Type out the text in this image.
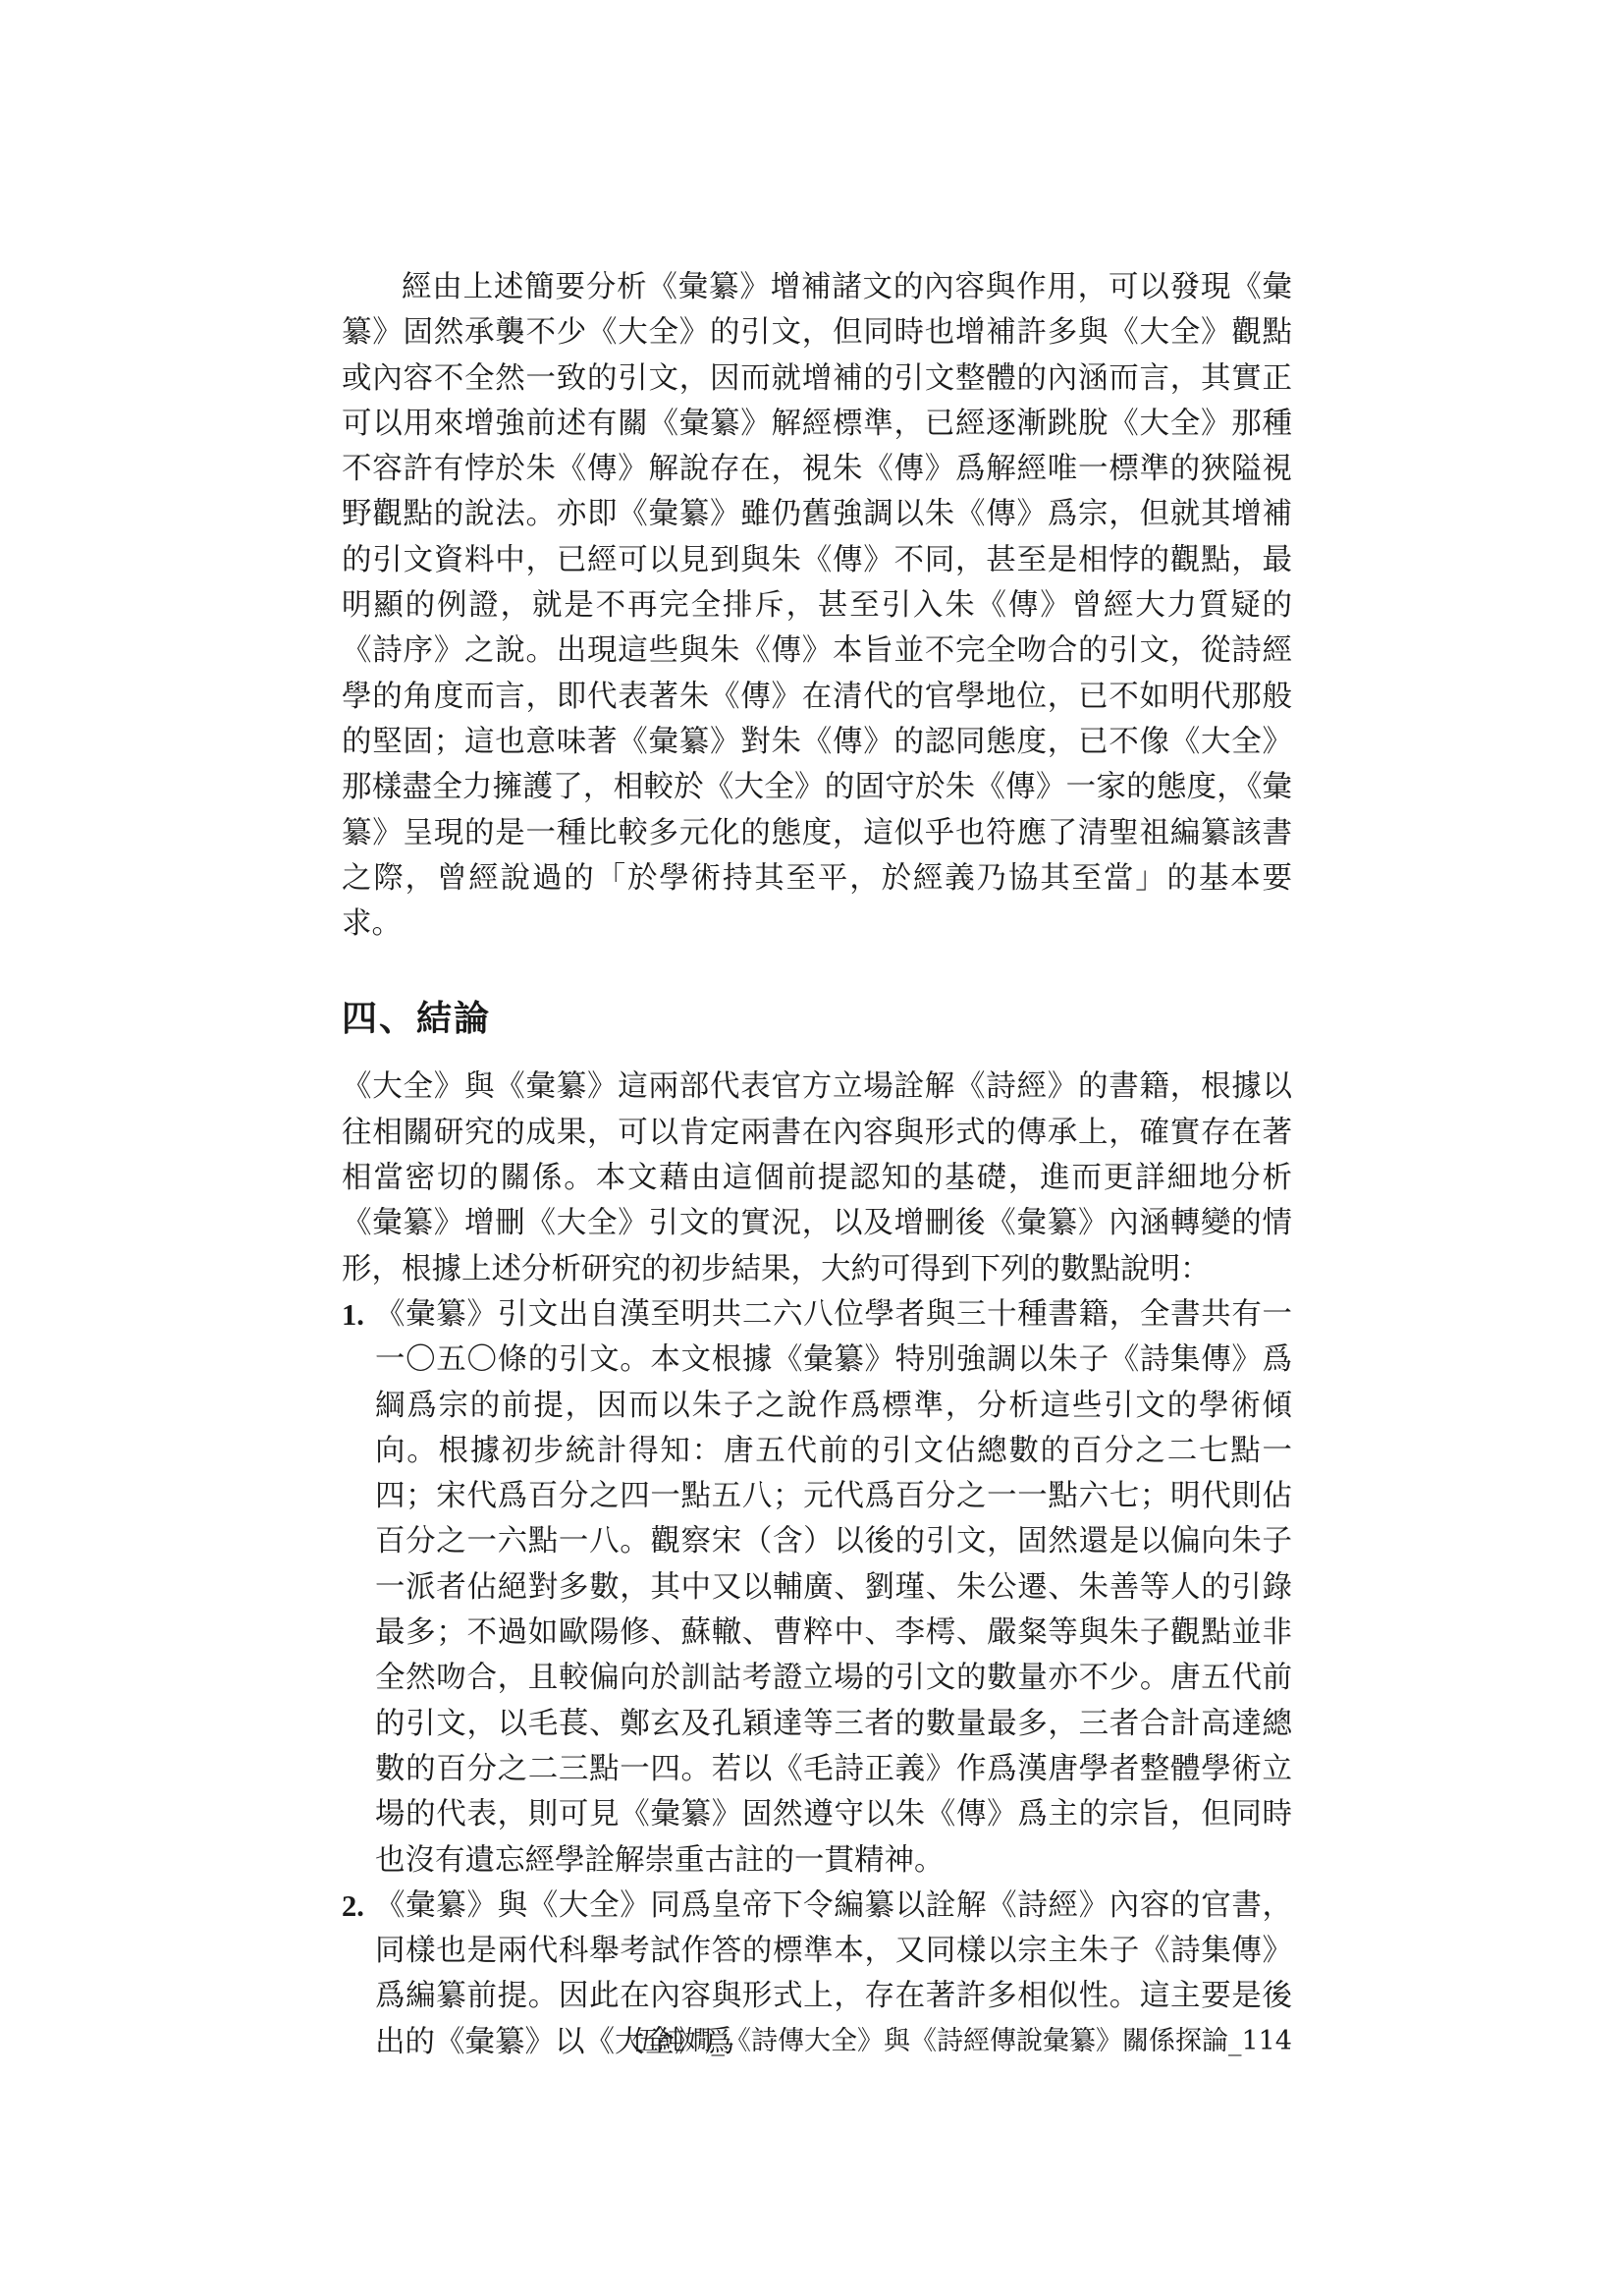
經由上述簡要分析《彙纂》增補諸文的內容與作用，可以發現《彙纂》固然承襲不少《大全》的引文，但同時也增補許多與《大全》觀點或內容不全然一致的引文，因而就增補的引文整體的內涵而言，其實正可以用來增強前述有關《彙纂》解經標準，已經逐漸跳脫《大全》那種不容許有悖於朱《傳》解說存在，視朱《傳》爲解經唯一標準的狹隘視野觀點的說法。亦即《彙纂》雖仍舊強調以朱《傳》爲宗，但就其增補的引文資料中，已經可以見到與朱《傳》不同，甚至是相悖的觀點，最明顯的例證，就是不再完全排斥，甚至引入朱《傳》曾經大力質疑的《詩序》之說。出現這些與朱《傳》本旨並不完全吻合的引文，從詩經學的角度而言，即代表著朱《傳》在清代的官學地位，已不如明代那般的堅固；這也意味著《彙纂》對朱《傳》的認同態度，已不像《大全》那樣盡全力擁護了，相較於《大全》的固守於朱《傳》一家的態度，《彙纂》呈現的是一種比較多元化的態度，這似乎也符應了清聖祖編纂該書之際，曾經說過的「於學術持其至平，於經義乃協其至當」的基本要求。

四、結論

《大全》與《彙纂》這兩部代表官方立場詮解《詩經》的書籍，根據以往相關研究的成果，可以肯定兩書在內容與形式的傳承上，確實存在著相當密切的關係。本文藉由這個前提認知的基礎，進而更詳細地分析《彙纂》增刪《大全》引文的實況，以及增刪後《彙纂》內涵轉變的情形，根據上述分析研究的初步結果，大約可得到下列的數點說明：

1. 《彙纂》引文出自漢至明共二六八位學者與三十種書籍，全書共有一一〇五〇條的引文。本文根據《彙纂》特別強調以朱子《詩集傳》爲綱爲宗的前提，因而以朱子之說作爲標準，分析這些引文的學術傾向。根據初步統計得知：唐五代前的引文佔總數的百分之二七點一四；宋代爲百分之四一點五八；元代爲百分之一一點六七；明代則佔百分之一六點一八。觀察宋（含）以後的引文，固然還是以偏向朱子一派者佔絕對多數，其中又以輔廣、劉瑾、朱公遷、朱善等人的引錄最多；不過如歐陽修、蘇轍、曹粹中、李樗、嚴粲等與朱子觀點並非全然吻合，且較偏向於訓詁考證立場的引文的數量亦不少。唐五代前的引文，以毛萇、鄭玄及孔穎達等三者的數量最多，三者合計高達總數的百分之二三點一四。若以《毛詩正義》作爲漢唐學者整體學術立場的代表，則可見《彙纂》固然遵守以朱《傳》爲主的宗旨，但同時也沒有遺忘經學詮解崇重古註的一貫精神。
2. 《彙纂》與《大全》同爲皇帝下令編纂以詮解《詩經》內容的官書，同樣也是兩代科舉考試作答的標準本，又同樣以宗主朱子《詩集傳》爲編纂前提。因此在內容與形式上，存在著許多相似性。這主要是後出的《彙纂》以《大全》爲
伍純嫺_《詩傳大全》與《詩經傳說彙纂》關係探論_114
